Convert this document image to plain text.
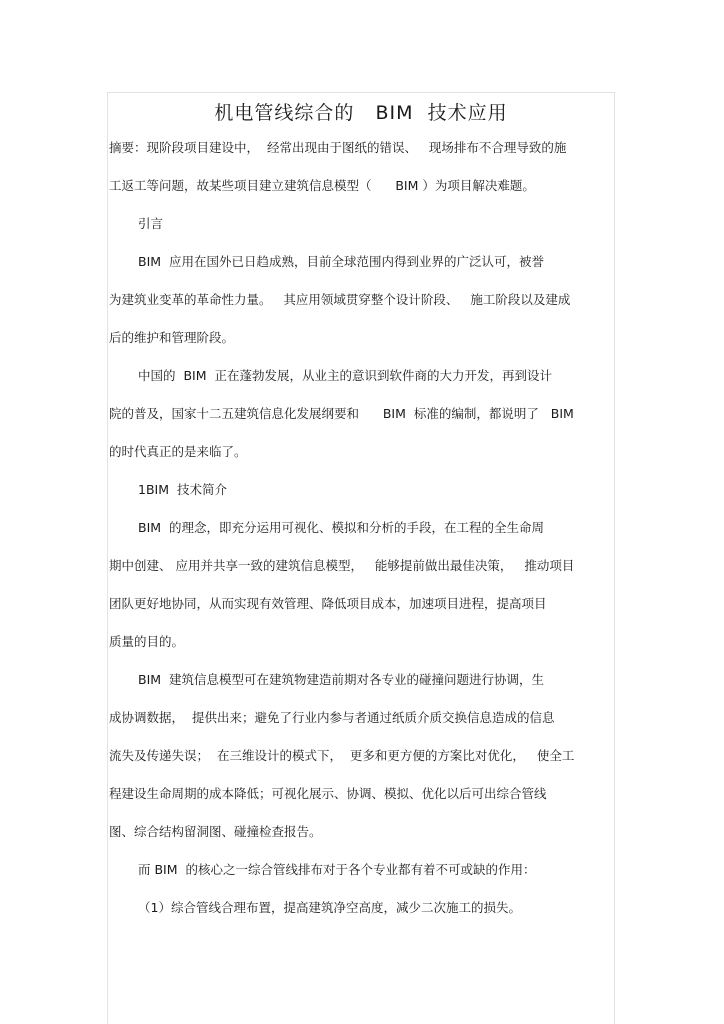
机电管线综合的   BIM  技术应用
摘要：现阶段项目建设中，  经常出现由于图纸的错误、   现场排布不合理导致的施
工返工等问题，故某些项目建立建筑信息模型（      BIM ）为项目解决难题。
引言
BIM  应用在国外已日趋成熟，目前全球范围内得到业界的广泛认可，被誉
为建筑业变革的革命性力量。   其应用领域贯穿整个设计阶段、   施工阶段以及建成
后的维护和管理阶段。
中国的  BIM  正在蓬勃发展，从业主的意识到软件商的大力开发，再到设计
院的普及，国家十二五建筑信息化发展纲要和      BIM  标准的编制，都说明了   BIM
的时代真正的是来临了。
1BIM  技术简介
BIM  的理念，即充分运用可视化、模拟和分析的手段，在工程的全生命周
期中创建、 应用并共享一致的建筑信息模型，   能够提前做出最佳决策，   推动项目
团队更好地协同，从而实现有效管理、降低项目成本，加速项目进程，提高项目
质量的目的。
BIM  建筑信息模型可在建筑物建造前期对各专业的碰撞问题进行协调，生
成协调数据，  提供出来；避免了行业内参与者通过纸质介质交换信息造成的信息
流失及传递失误；  在三维设计的模式下，  更多和更方便的方案比对优化，   使全工
程建设生命周期的成本降低；可视化展示、协调、模拟、优化以后可出综合管线
图、综合结构留洞图、碰撞检查报告。
而 BIM  的核心之一综合管线排布对于各个专业都有着不可或缺的作用：
（1）综合管线合理布置，提高建筑净空高度，减少二次施工的损失。
